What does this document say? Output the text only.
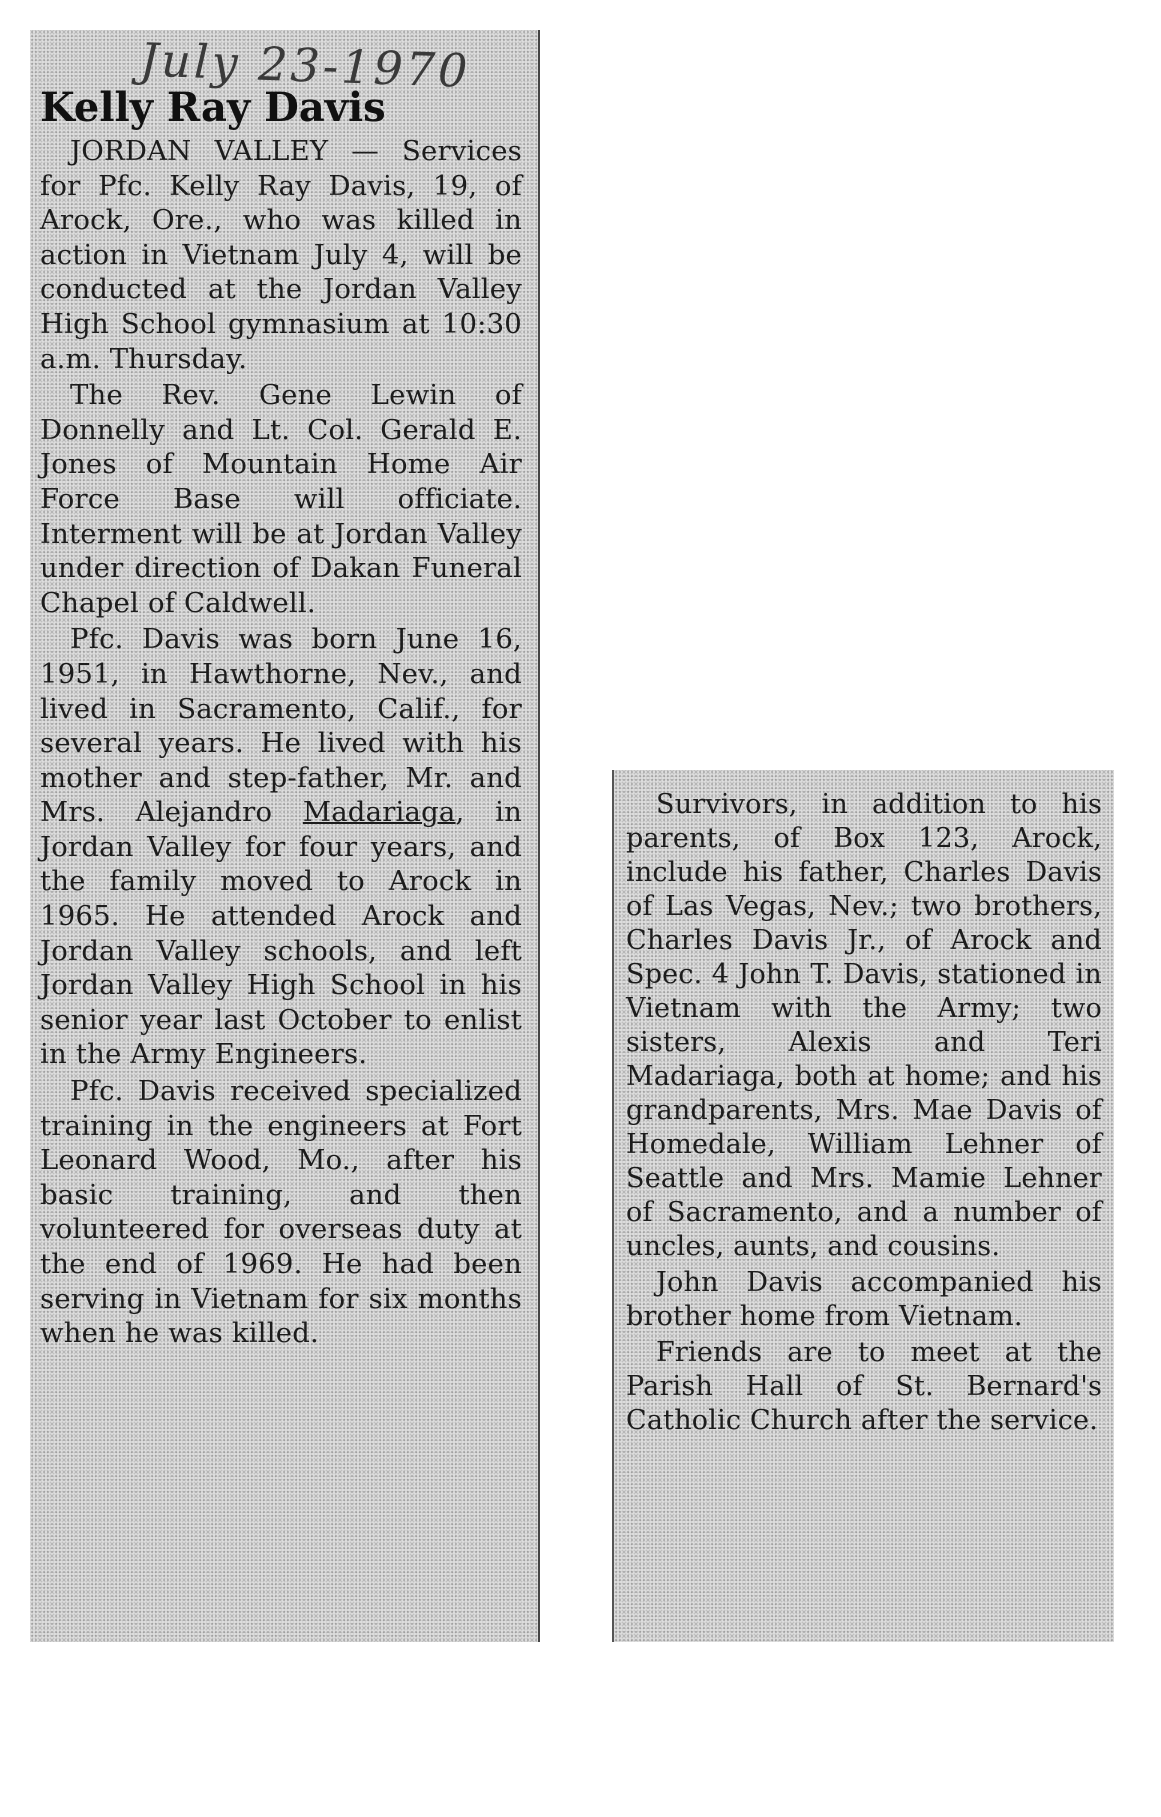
July 23-1970
Kelly Ray Davis

JORDAN VALLEY — Services for Pfc. Kelly Ray Davis, 19, of Arock, Ore., who was killed in action in Vietnam July 4, will be conducted at the Jordan Valley High School gymnasium at 10:30 a.m. Thursday.

The Rev. Gene Lewin of Donnelly and Lt. Col. Gerald E. Jones of Mountain Home Air Force Base will officiate. Interment will be at Jordan Valley under direction of Dakan Funeral Chapel of Caldwell.

Pfc. Davis was born June 16, 1951, in Hawthorne, Nev., and lived in Sacramento, Calif., for several years. He lived with his mother and step-father, Mr. and Mrs. Alejandro Madariaga, in Jordan Valley for four years, and the family moved to Arock in 1965. He attended Arock and Jordan Valley schools, and left Jordan Valley High School in his senior year last October to enlist in the Army Engineers.

Pfc. Davis received specialized training in the engineers at Fort Leonard Wood, Mo., after his basic training, and then volunteered for overseas duty at the end of 1969. He had been serving in Vietnam for six months when he was killed.

Survivors, in addition to his parents, of Box 123, Arock, include his father, Charles Davis of Las Vegas, Nev.; two brothers, Charles Davis Jr., of Arock and Spec. 4 John T. Davis, stationed in Vietnam with the Army; two sisters, Alexis and Teri Madariaga, both at home; and his grandparents, Mrs. Mae Davis of Homedale, William Lehner of Seattle and Mrs. Mamie Lehner of Sacramento, and a number of uncles, aunts, and cousins.

John Davis accompanied his brother home from Vietnam.

Friends are to meet at the Parish Hall of St. Bernard's Catholic Church after the service.
